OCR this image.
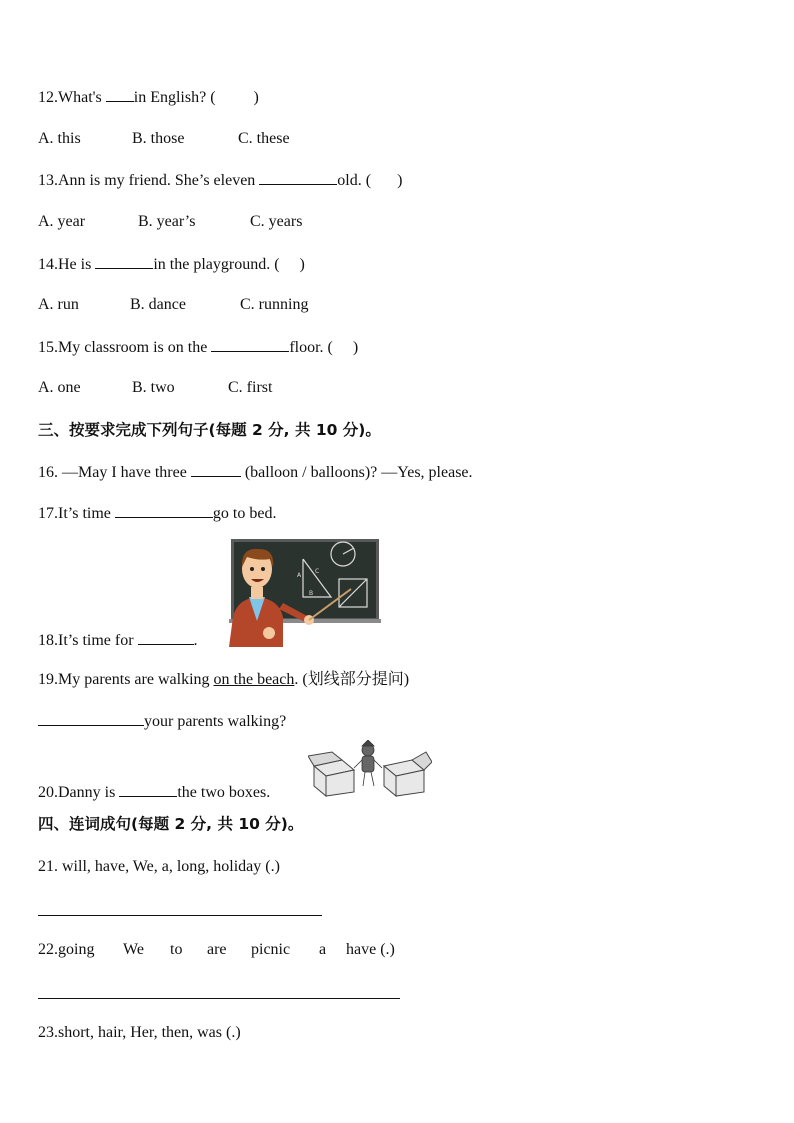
12.What's in English? ( )
A. this	B. those	C. these
13.Ann is my friend. She’s eleven	old. ( )
A. year	B. year’s	C. years
14.He is	in the playground. ( )
A. run	B. dance	C. running
15.My classroom is on the	floor. ( )
A. one	B. two	C. first
三、按要求完成下列句子(每题 2 分, 共 10 分)。
16. —May I have three	(balloon / balloons)? —Yes, please.
17.It’s time	go to bed.
C
A
B
18.It’s time for	.
19.My parents are walking on the beach. (划线部分提问)
your parents walking?
20.Danny is	the two boxes.
四、连词成句(每题 2 分, 共 10 分)。
21. will, have, We, a, long, holiday (.)
22.going We to are picnic a have (.)
23.short, hair, Her, then, was (.)
